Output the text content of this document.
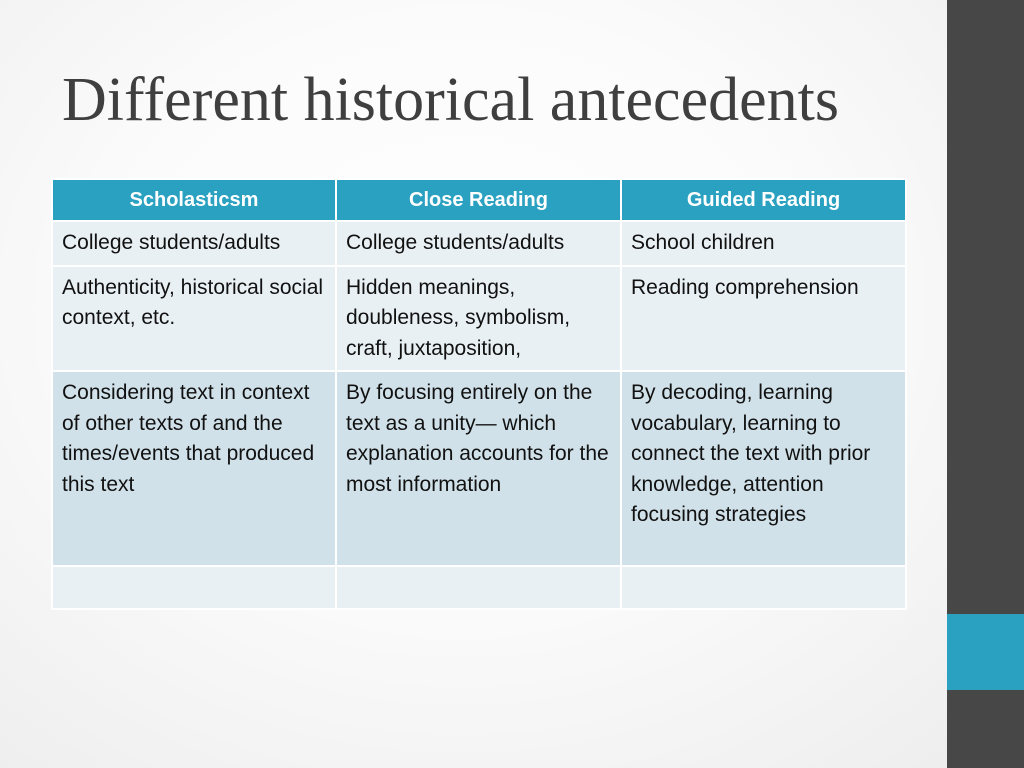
Different historical antecedents
Scholasticsm	Close Reading	Guided Reading
College students/adults	College students/adults	School children
Authenticity, historical social context, etc.	Hidden meanings, doubleness, symbolism, craft, juxtaposition,	Reading comprehension
Considering text in context of other texts of and the times/events that produced this text	By focusing entirely on the text as a unity— which explanation accounts for the most information	By decoding, learning vocabulary, learning to connect the text with prior knowledge, attention focusing strategies
